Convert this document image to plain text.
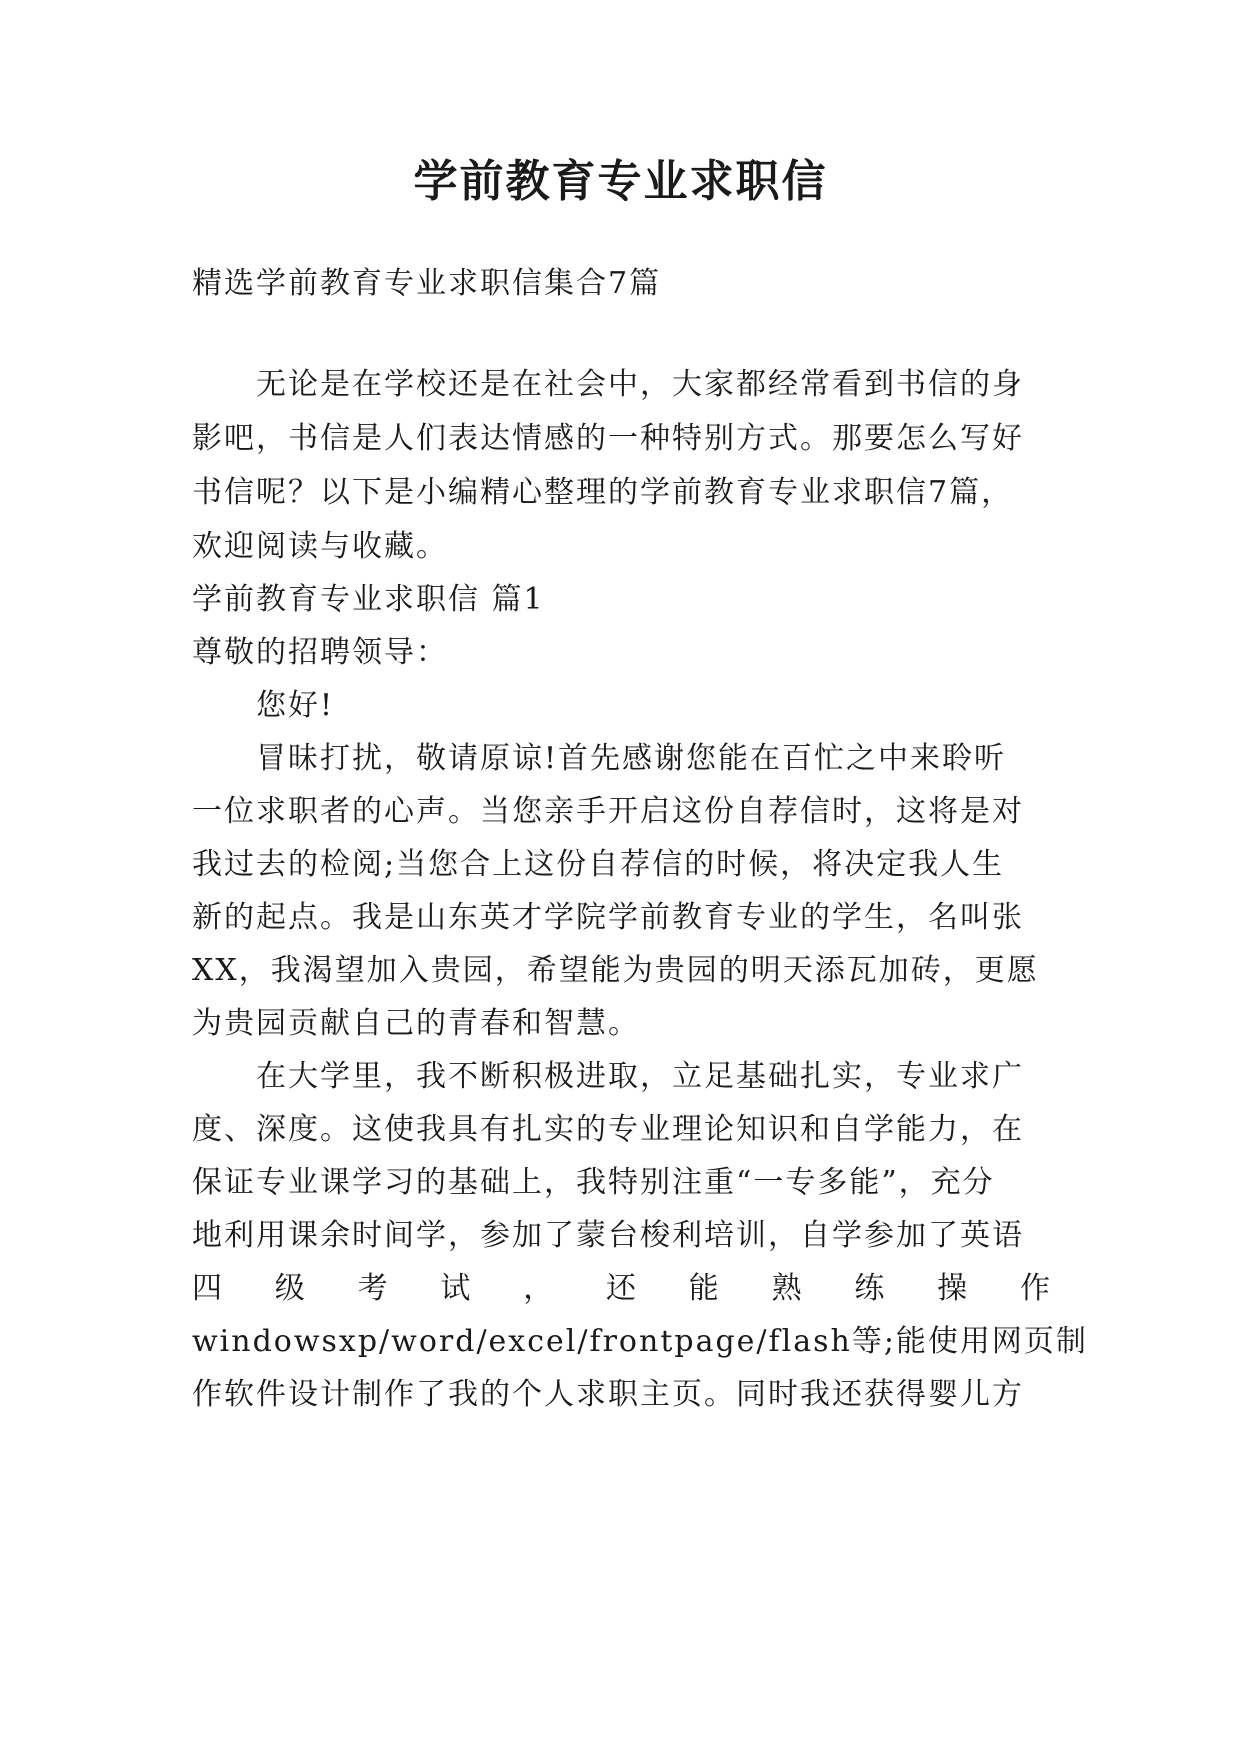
学前教育专业求职信

精选学前教育专业求职信集合7篇

无论是在学校还是在社会中，大家都经常看到书信的身

影吧，书信是人们表达情感的一种特别方式。那要怎么写好

书信呢？以下是小编精心整理的学前教育专业求职信7篇，

欢迎阅读与收藏。

学前教育专业求职信 篇1

尊敬的招聘领导：

您好!

冒昧打扰，敬请原谅!首先感谢您能在百忙之中来聆听

一位求职者的心声。当您亲手开启这份自荐信时，这将是对

我过去的检阅;当您合上这份自荐信的时候，将决定我人生

新的起点。我是山东英才学院学前教育专业的学生，名叫张

XX，我渴望加入贵园，希望能为贵园的明天添瓦加砖，更愿

为贵园贡献自己的青春和智慧。

在大学里，我不断积极进取，立足基础扎实，专业求广

度、深度。这使我具有扎实的专业理论知识和自学能力，在

保证专业课学习的基础上，我特别注重“一专多能”，充分

地利用课余时间学，参加了蒙台梭利培训，自学参加了英语

四 级 考 试 ， 还 能 熟 练 操 作

windowsxp/word/excel/frontpage/flash等;能使用网页制

作软件设计制作了我的个人求职主页。同时我还获得婴儿方
